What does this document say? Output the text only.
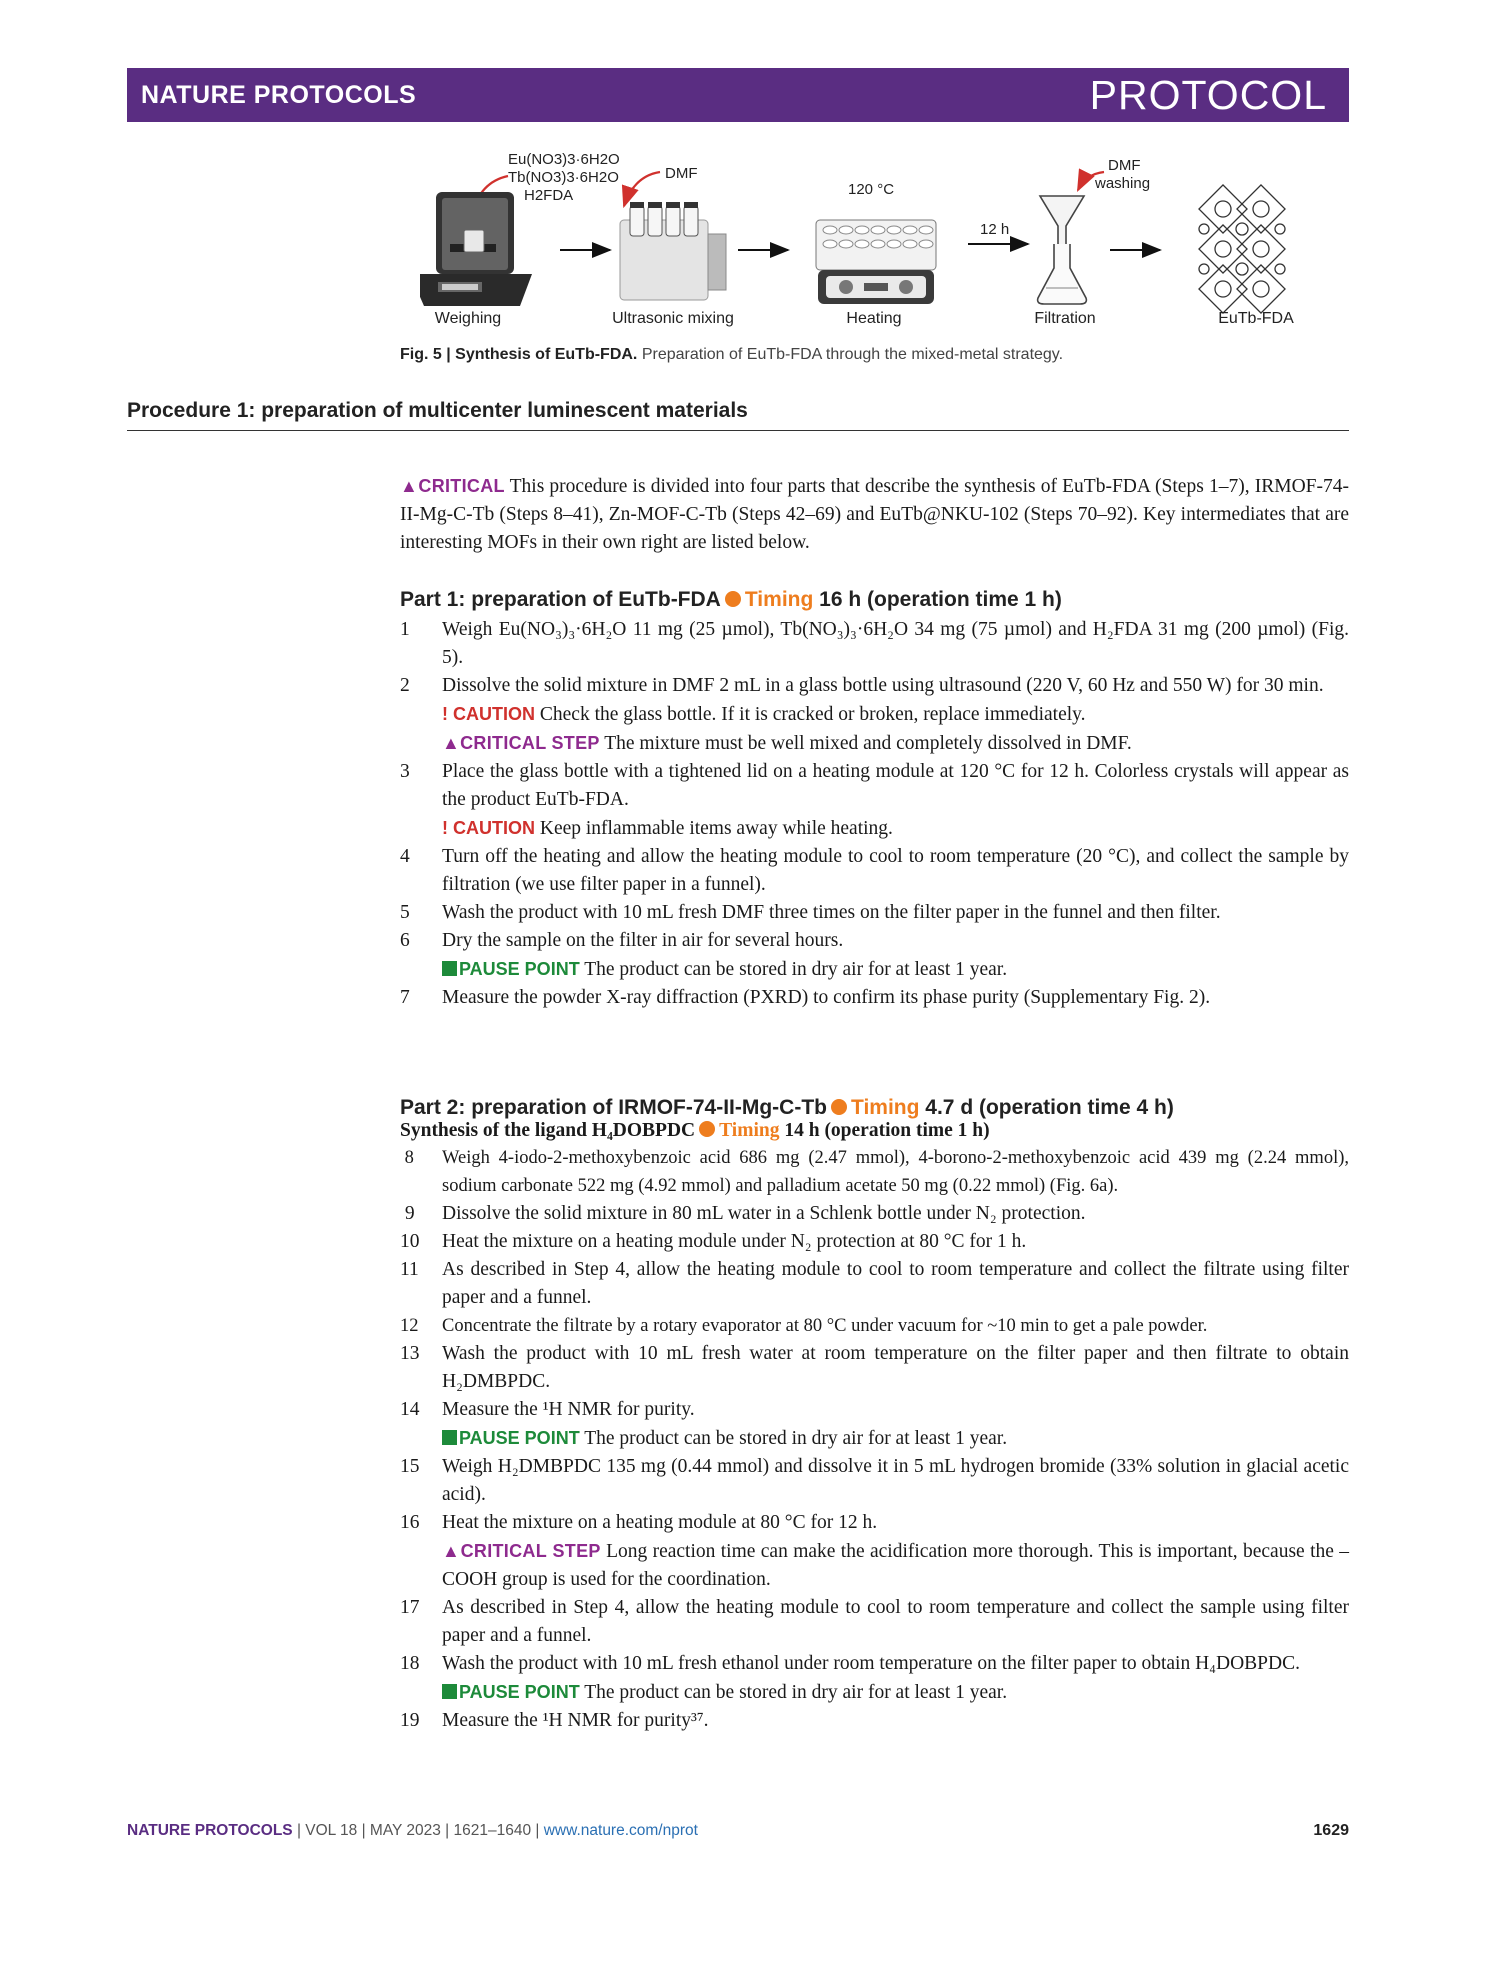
NATURE PROTOCOLS	PROTOCOL
Eu(NO3)3·6H2O
Tb(NO3)3·6H2O
H2FDA
DMF
120 °C
12 h
DMF
washing
Weighing	Ultrasonic mixing	Heating	Filtration	EuTb-FDA
Fig. 5 | Synthesis of EuTb-FDA. Preparation of EuTb-FDA through the mixed-metal strategy.
Procedure 1: preparation of multicenter luminescent materials
▲CRITICAL This procedure is divided into four parts that describe the synthesis of EuTb-FDA (Steps 1–7), IRMOF-74-II-Mg-C-Tb (Steps 8–41), Zn-MOF-C-Tb (Steps 42–69) and EuTb@NKU-102 (Steps 70–92). Key intermediates that are interesting MOFs in their own right are listed below.
Part 1: preparation of EuTb-FDA Timing 16 h (operation time 1 h)
1 Weigh Eu(NO₃)₃·6H₂O 11 mg (25 µmol), Tb(NO₃)₃·6H₂O 34 mg (75 µmol) and H₂FDA 31 mg (200 µmol) (Fig. 5).
2 Dissolve the solid mixture in DMF 2 mL in a glass bottle using ultrasound (220 V, 60 Hz and 550 W) for 30 min.
! CAUTION Check the glass bottle. If it is cracked or broken, replace immediately.
▲CRITICAL STEP The mixture must be well mixed and completely dissolved in DMF.
3 Place the glass bottle with a tightened lid on a heating module at 120 °C for 12 h. Colorless crystals will appear as the product EuTb-FDA.
! CAUTION Keep inflammable items away while heating.
4 Turn off the heating and allow the heating module to cool to room temperature (20 °C), and collect the sample by filtration (we use filter paper in a funnel).
5 Wash the product with 10 mL fresh DMF three times on the filter paper in the funnel and then filter.
6 Dry the sample on the filter in air for several hours.
PAUSE POINT The product can be stored in dry air for at least 1 year.
7 Measure the powder X-ray diffraction (PXRD) to confirm its phase purity (Supplementary Fig. 2).
Part 2: preparation of IRMOF-74-II-Mg-C-Tb Timing 4.7 d (operation time 4 h)
Synthesis of the ligand H₄DOBPDC Timing 14 h (operation time 1 h)
8 Weigh 4-iodo-2-methoxybenzoic acid 686 mg (2.47 mmol), 4-borono-2-methoxybenzoic acid 439 mg (2.24 mmol), sodium carbonate 522 mg (4.92 mmol) and palladium acetate 50 mg (0.22 mmol) (Fig. 6a).
9 Dissolve the solid mixture in 80 mL water in a Schlenk bottle under N₂ protection.
10 Heat the mixture on a heating module under N₂ protection at 80 °C for 1 h.
11 As described in Step 4, allow the heating module to cool to room temperature and collect the filtrate using filter paper and a funnel.
12 Concentrate the filtrate by a rotary evaporator at 80 °C under vacuum for ~10 min to get a pale powder.
13 Wash the product with 10 mL fresh water at room temperature on the filter paper and then filtrate to obtain H₂DMBPDC.
14 Measure the ¹H NMR for purity.
PAUSE POINT The product can be stored in dry air for at least 1 year.
15 Weigh H₂DMBPDC 135 mg (0.44 mmol) and dissolve it in 5 mL hydrogen bromide (33% solution in glacial acetic acid).
16 Heat the mixture on a heating module at 80 °C for 12 h.
▲CRITICAL STEP Long reaction time can make the acidification more thorough. This is important, because the –COOH group is used for the coordination.
17 As described in Step 4, allow the heating module to cool to room temperature and collect the sample using filter paper and a funnel.
18 Wash the product with 10 mL fresh ethanol under room temperature on the filter paper to obtain H₄DOBPDC.
PAUSE POINT The product can be stored in dry air for at least 1 year.
19 Measure the ¹H NMR for purity³⁷.
NATURE PROTOCOLS | VOL 18 | MAY 2023 | 1621–1640 | www.nature.com/nprot	1629
